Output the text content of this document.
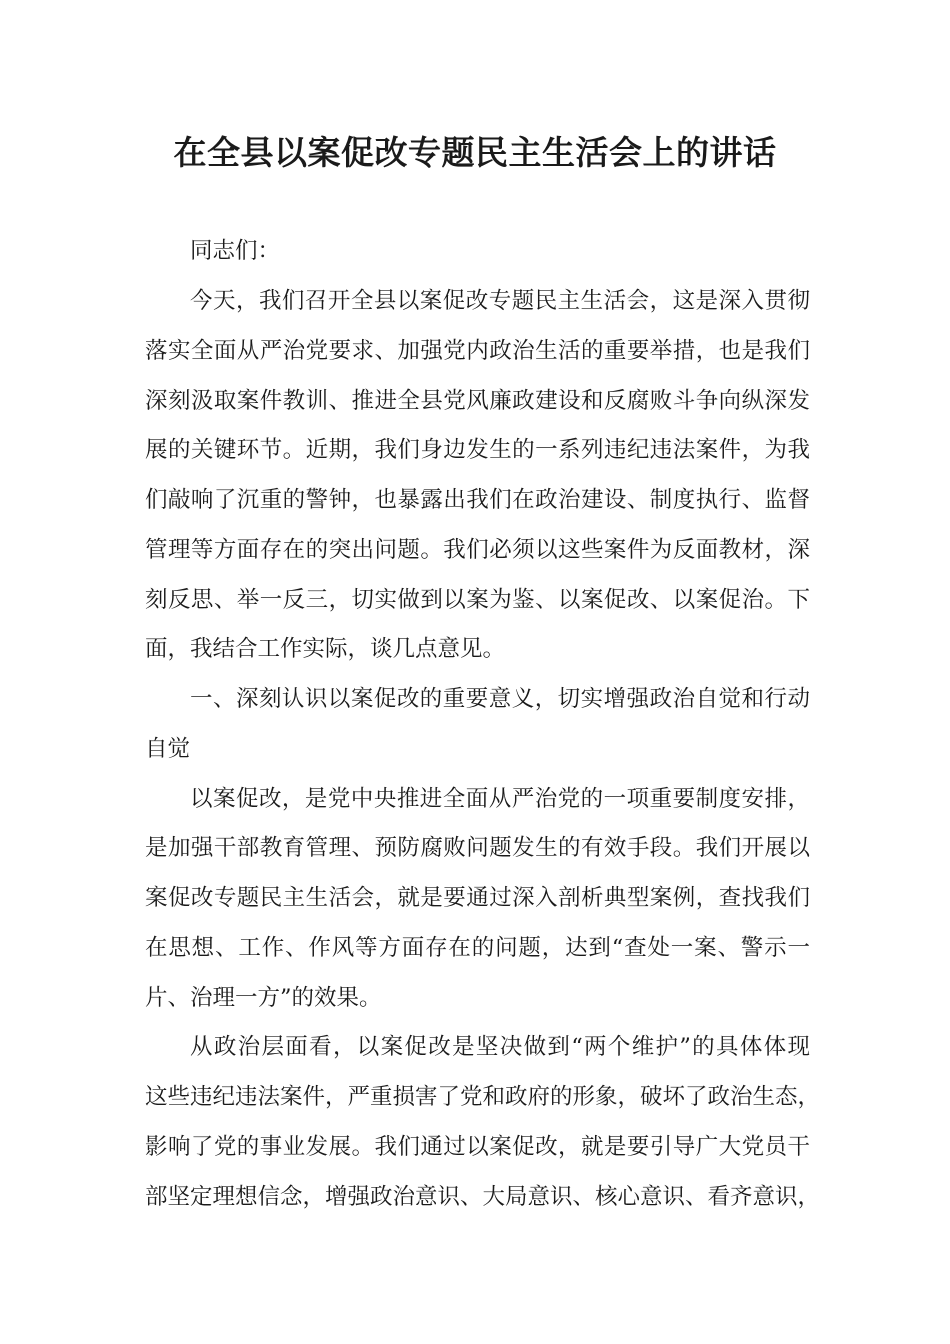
在全县以案促改专题民主生活会上的讲话

同志们：

今天，我们召开全县以案促改专题民主生活会，这是深入贯彻

落实全面从严治党要求、加强党内政治生活的重要举措，也是我们

深刻汲取案件教训、推进全县党风廉政建设和反腐败斗争向纵深发

展的关键环节。近期，我们身边发生的一系列违纪违法案件，为我

们敲响了沉重的警钟，也暴露出我们在政治建设、制度执行、监督

管理等方面存在的突出问题。我们必须以这些案件为反面教材，深

刻反思、举一反三，切实做到以案为鉴、以案促改、以案促治。下

面，我结合工作实际，谈几点意见。

一、深刻认识以案促改的重要意义，切实增强政治自觉和行动

自觉

以案促改，是党中央推进全面从严治党的一项重要制度安排，

是加强干部教育管理、预防腐败问题发生的有效手段。我们开展以

案促改专题民主生活会，就是要通过深入剖析典型案例，查找我们

在思想、工作、作风等方面存在的问题，达到“查处一案、警示一

片、治理一方”的效果。

从政治层面看，以案促改是坚决做到“两个维护”的具体体现

这些违纪违法案件，严重损害了党和政府的形象，破坏了政治生态，

影响了党的事业发展。我们通过以案促改，就是要引导广大党员干

部坚定理想信念，增强政治意识、大局意识、核心意识、看齐意识，
